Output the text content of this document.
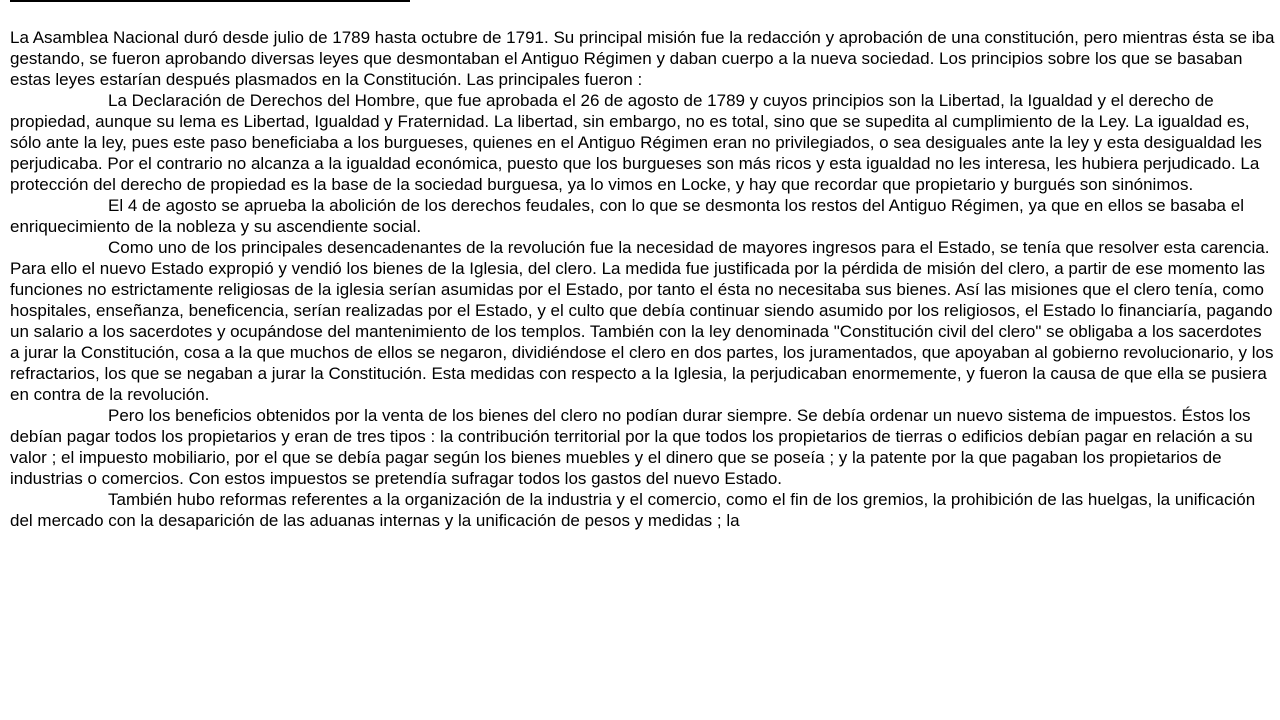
La Asamblea Nacional duró desde julio de 1789 hasta octubre de 1791. Su principal misión fue la redacción y aprobación de una constitución, pero mientras ésta se iba gestando, se fueron aprobando diversas leyes que desmontaban el Antiguo Régimen y daban cuerpo a la nueva sociedad. Los principios sobre los que se basaban estas leyes estarían después plasmados en la Constitución. Las principales fueron :

La Declaración de Derechos del Hombre, que fue aprobada el 26 de agosto de 1789 y cuyos principios son la Libertad, la Igualdad y el derecho de propiedad, aunque su lema es Libertad, Igualdad y Fraternidad. La libertad, sin embargo, no es total, sino que se supedita al cumplimiento de la Ley. La igualdad es, sólo ante la ley, pues este paso beneficiaba a los burgueses, quienes en el Antiguo Régimen eran no privilegiados, o sea desiguales ante la ley y esta desigualdad les perjudicaba. Por el contrario no alcanza a la igualdad económica, puesto que los burgueses son más ricos y esta igualdad no les interesa, les hubiera perjudicado. La protección del derecho de propiedad es la base de la sociedad burguesa, ya lo vimos en Locke, y hay que recordar que propietario y burgués son sinónimos.

El 4 de agosto se aprueba la abolición de los derechos feudales, con lo que se desmonta los restos del Antiguo Régimen, ya que en ellos se basaba el enriquecimiento de la nobleza y su ascendiente social.

Como uno de los principales desencadenantes de la revolución fue la necesidad de mayores ingresos para el Estado, se tenía que resolver esta carencia. Para ello el nuevo Estado expropió y vendió los bienes de la Iglesia, del clero. La medida fue justificada por la pérdida de misión del clero, a partir de ese momento las funciones no estrictamente religiosas de la iglesia serían asumidas por el Estado, por tanto el ésta no necesitaba sus bienes. Así las misiones que el clero tenía, como hospitales, enseñanza, beneficencia, serían realizadas por el Estado, y el culto que debía continuar siendo asumido por los religiosos, el Estado lo financiaría, pagando un salario a los sacerdotes y ocupándose del mantenimiento de los templos. También con la ley denominada "Constitución civil del clero" se obligaba a los sacerdotes a jurar la Constitución, cosa a la que muchos de ellos se negaron, dividiéndose el clero en dos partes, los juramentados, que apoyaban al gobierno revolucionario, y los refractarios, los que se negaban a jurar la Constitución. Esta medidas con respecto a la Iglesia, la perjudicaban enormemente, y fueron la causa de que ella se pusiera en contra de la revolución.

Pero los beneficios obtenidos por la venta de los bienes del clero no podían durar siempre. Se debía ordenar un nuevo sistema de impuestos. Éstos los debían pagar todos los propietarios y eran de tres tipos : la contribución territorial por la que todos los propietarios de tierras o edificios debían pagar en relación a su valor ; el impuesto mobiliario, por el que se debía pagar según los bienes muebles y el dinero que se poseía ; y la patente por la que pagaban los propietarios de industrias o comercios. Con estos impuestos se pretendía sufragar todos los gastos del nuevo Estado.

También hubo reformas referentes a la organización de la industria y el comercio, como el fin de los gremios, la prohibición de las huelgas, la unificación del mercado con la desaparición de las aduanas internas y la unificación de pesos y medidas ; la
